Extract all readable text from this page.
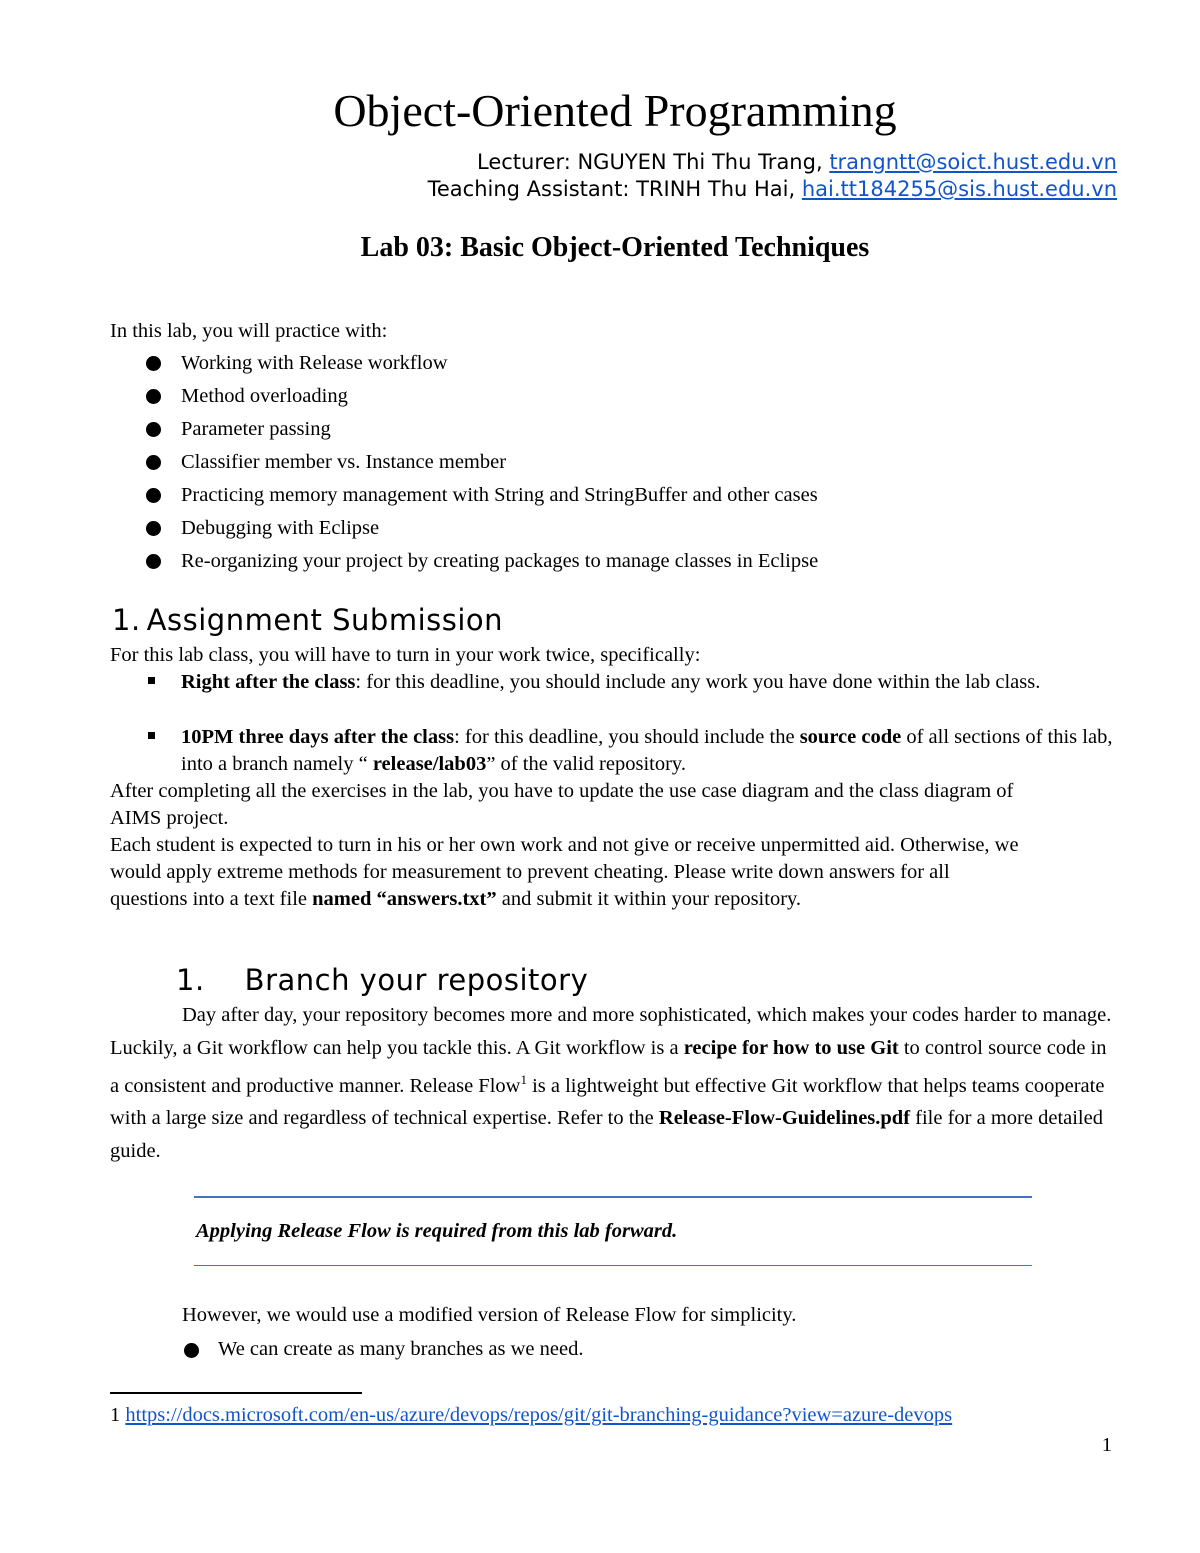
Object-Oriented Programming
Lecturer: NGUYEN Thi Thu Trang, trangntt@soict.hust.edu.vn
Teaching Assistant: TRINH Thu Hai, hai.tt184255@sis.hust.edu.vn
Lab 03: Basic Object-Oriented Techniques
In this lab, you will practice with:
Working with Release workflow
Method overloading
Parameter passing
Classifier member vs. Instance member
Practicing memory management with String and StringBuffer and other cases
Debugging with Eclipse
Re-organizing your project by creating packages to manage classes in Eclipse
1. Assignment Submission
For this lab class, you will have to turn in your work twice, specifically:
Right after the class: for this deadline, you should include any work you have done within the lab class.
10PM three days after the class: for this deadline, you should include the source code of all sections of this lab, into a branch namely “ release/lab03” of the valid repository.
After completing all the exercises in the lab, you have to update the use case diagram and the class diagram of AIMS project.
Each student is expected to turn in his or her own work and not give or receive unpermitted aid. Otherwise, we would apply extreme methods for measurement to prevent cheating. Please write down answers for all questions into a text file named “answers.txt” and submit it within your repository.
1. Branch your repository
Day after day, your repository becomes more and more sophisticated, which makes your codes harder to manage. Luckily, a Git workflow can help you tackle this. A Git workflow is a recipe for how to use Git to control source code in a consistent and productive manner. Release Flow$^1$ is a lightweight but effective Git workflow that helps teams cooperate with a large size and regardless of technical expertise. Refer to the Release-Flow-Guidelines.pdf file for a more detailed guide.
Applying Release Flow is required from this lab forward.
However, we would use a modified version of Release Flow for simplicity.
We can create as many branches as we need.
1 https://docs.microsoft.com/en-us/azure/devops/repos/git/git-branching-guidance?view=azure-devops
1
